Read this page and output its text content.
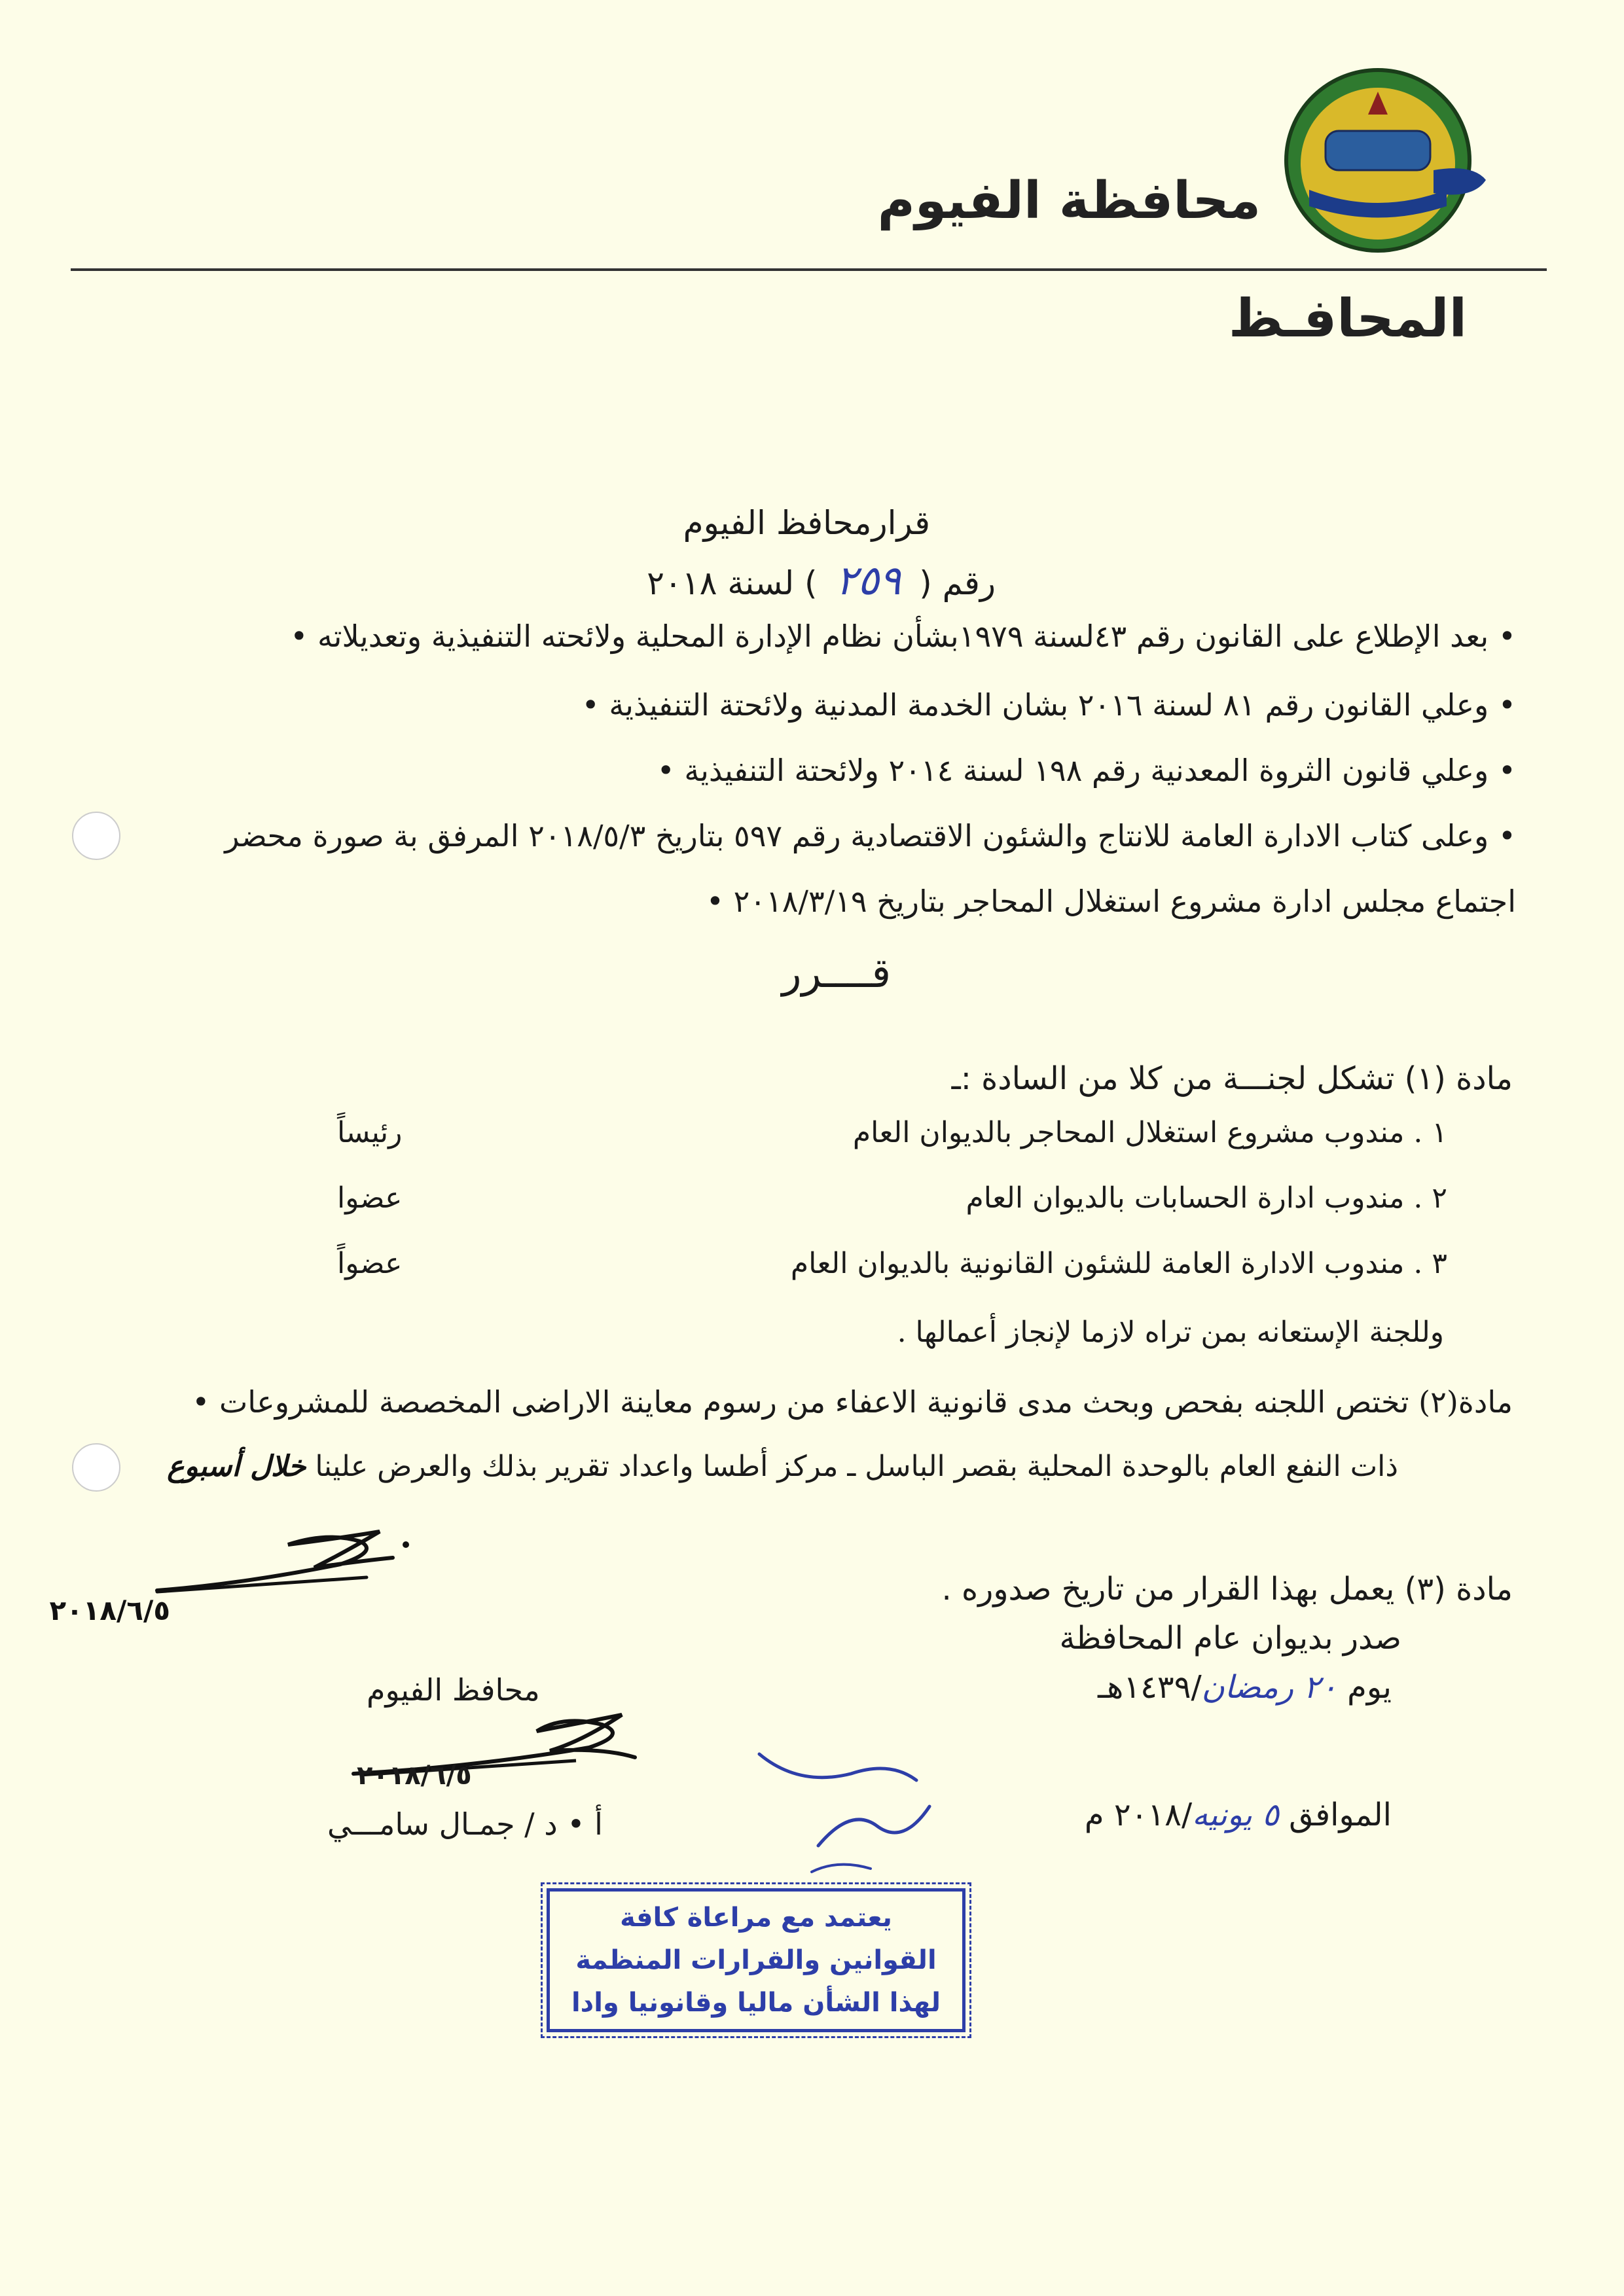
محافظة الفيوم
المحافـظ
قرارمحافظ الفيوم
رقم ( ٢٥٩ ) لسنة ٢٠١٨
• بعد الإطلاع على القانون رقم ٤٣لسنة ١٩٧٩بشأن نظام الإدارة المحلية ولائحته التنفيذية وتعديلاته •
• وعلي القانون رقم ٨١ لسنة ٢٠١٦ بشان الخدمة المدنية ولائحتة التنفيذية •
• وعلي قانون الثروة المعدنية رقم ١٩٨ لسنة ٢٠١٤ ولائحتة التنفيذية •
• وعلى كتاب الادارة العامة للانتاج والشئون الاقتصادية رقم ٥٩٧ بتاريخ ٢٠١٨/٥/٣ المرفق بة صورة محضر
اجتماع مجلس ادارة مشروع استغلال المحاجر بتاريخ ٢٠١٨/٣/١٩ •
قــــرر
مادة (١) تشكل لجنـــة من كلا من السادة :ـ
١ . مندوب مشروع استغلال المحاجر بالديوان العام
رئيساً
٢ . مندوب ادارة الحسابات بالديوان العام
عضوا
٣ . مندوب الادارة العامة للشئون القانونية بالديوان العام
عضواً
وللجنة الإستعانه بمن تراه لازما لإنجاز أعمالها .
مادة(٢) تختص اللجنه بفحص وبحث مدى قانونية الاعفاء من رسوم معاينة الاراضى المخصصة للمشروعات •
ذات النفع العام بالوحدة المحلية بقصر الباسل ـ مركز أطسا واعداد تقرير بذلك والعرض علينا خلال أسبوع
٢٠١٨/٦/٥
مادة (٣) يعمل بهذا القرار من تاريخ صدوره .
صدر بديوان عام المحافظة
يوم ٢٠ رمضان/١٤٣٩هـ
الموافق ٥ يونيه/٢٠١٨ م
محافظ الفيوم
٢٠١٨/٦/٥
أ • د / جمـال سامـــي
يعتمد مع مراعاة كافة
القوانين والقرارات المنظمة
لهذا الشأن ماليا وقانونيا وادا
